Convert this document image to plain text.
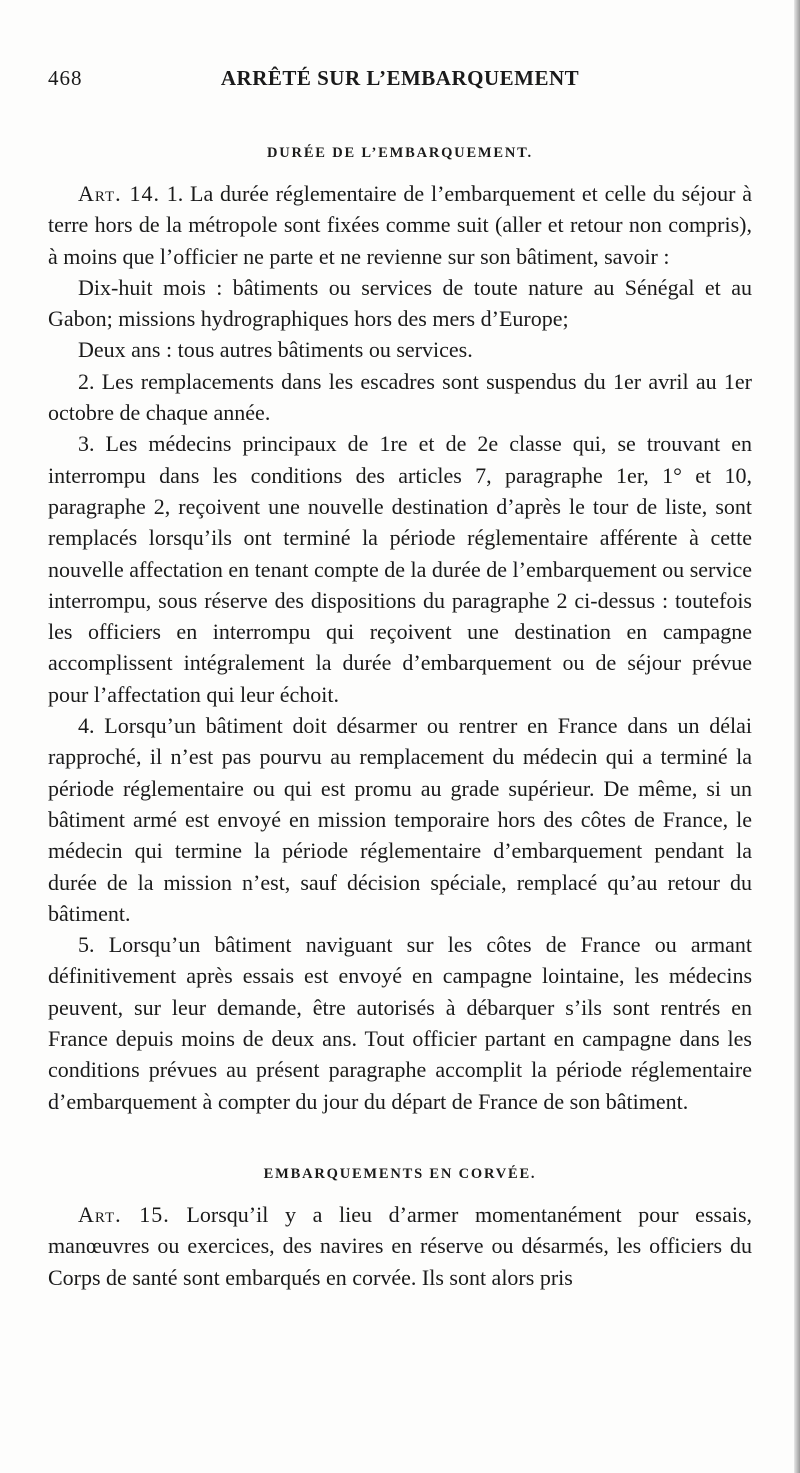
468	ARRÊTÉ SUR L’EMBARQUEMENT
DURÉE DE L’EMBARQUEMENT.

Art. 14. 1. La durée réglementaire de l’embarquement et celle du séjour à terre hors de la métropole sont fixées comme suit (aller et retour non compris), à moins que l’officier ne parte et ne revienne sur son bâtiment, savoir :

Dix-huit mois : bâtiments ou services de toute nature au Sénégal et au Gabon; missions hydrographiques hors des mers d’Europe;

Deux ans : tous autres bâtiments ou services.

2. Les remplacements dans les escadres sont suspendus du 1er avril au 1er octobre de chaque année.

3. Les médecins principaux de 1re et de 2e classe qui, se trouvant en interrompu dans les conditions des articles 7, paragraphe 1er, 1° et 10, paragraphe 2, reçoivent une nouvelle destination d’après le tour de liste, sont remplacés lorsqu’ils ont terminé la période réglementaire afférente à cette nouvelle affectation en tenant compte de la durée de l’embarquement ou service interrompu, sous réserve des dispositions du paragraphe 2 ci-dessus : toutefois les officiers en interrompu qui reçoivent une destination en campagne accomplissent intégralement la durée d’embarquement ou de séjour prévue pour l’affectation qui leur échoit.

4. Lorsqu’un bâtiment doit désarmer ou rentrer en France dans un délai rapproché, il n’est pas pourvu au remplacement du médecin qui a terminé la période réglementaire ou qui est promu au grade supérieur. De même, si un bâtiment armé est envoyé en mission temporaire hors des côtes de France, le médecin qui termine la période réglementaire d’embarquement pendant la durée de la mission n’est, sauf décision spéciale, remplacé qu’au retour du bâtiment.

5. Lorsqu’un bâtiment naviguant sur les côtes de France ou armant définitivement après essais est envoyé en campagne lointaine, les médecins peuvent, sur leur demande, être autorisés à débarquer s’ils sont rentrés en France depuis moins de deux ans. Tout officier partant en campagne dans les conditions prévues au présent paragraphe accomplit la période réglementaire d’embarquement à compter du jour du départ de France de son bâtiment.

EMBARQUEMENTS EN CORVÉE.

Art. 15. Lorsqu’il y a lieu d’armer momentanément pour essais, manœuvres ou exercices, des navires en réserve ou désarmés, les officiers du Corps de santé sont embarqués en corvée. Ils sont alors pris
